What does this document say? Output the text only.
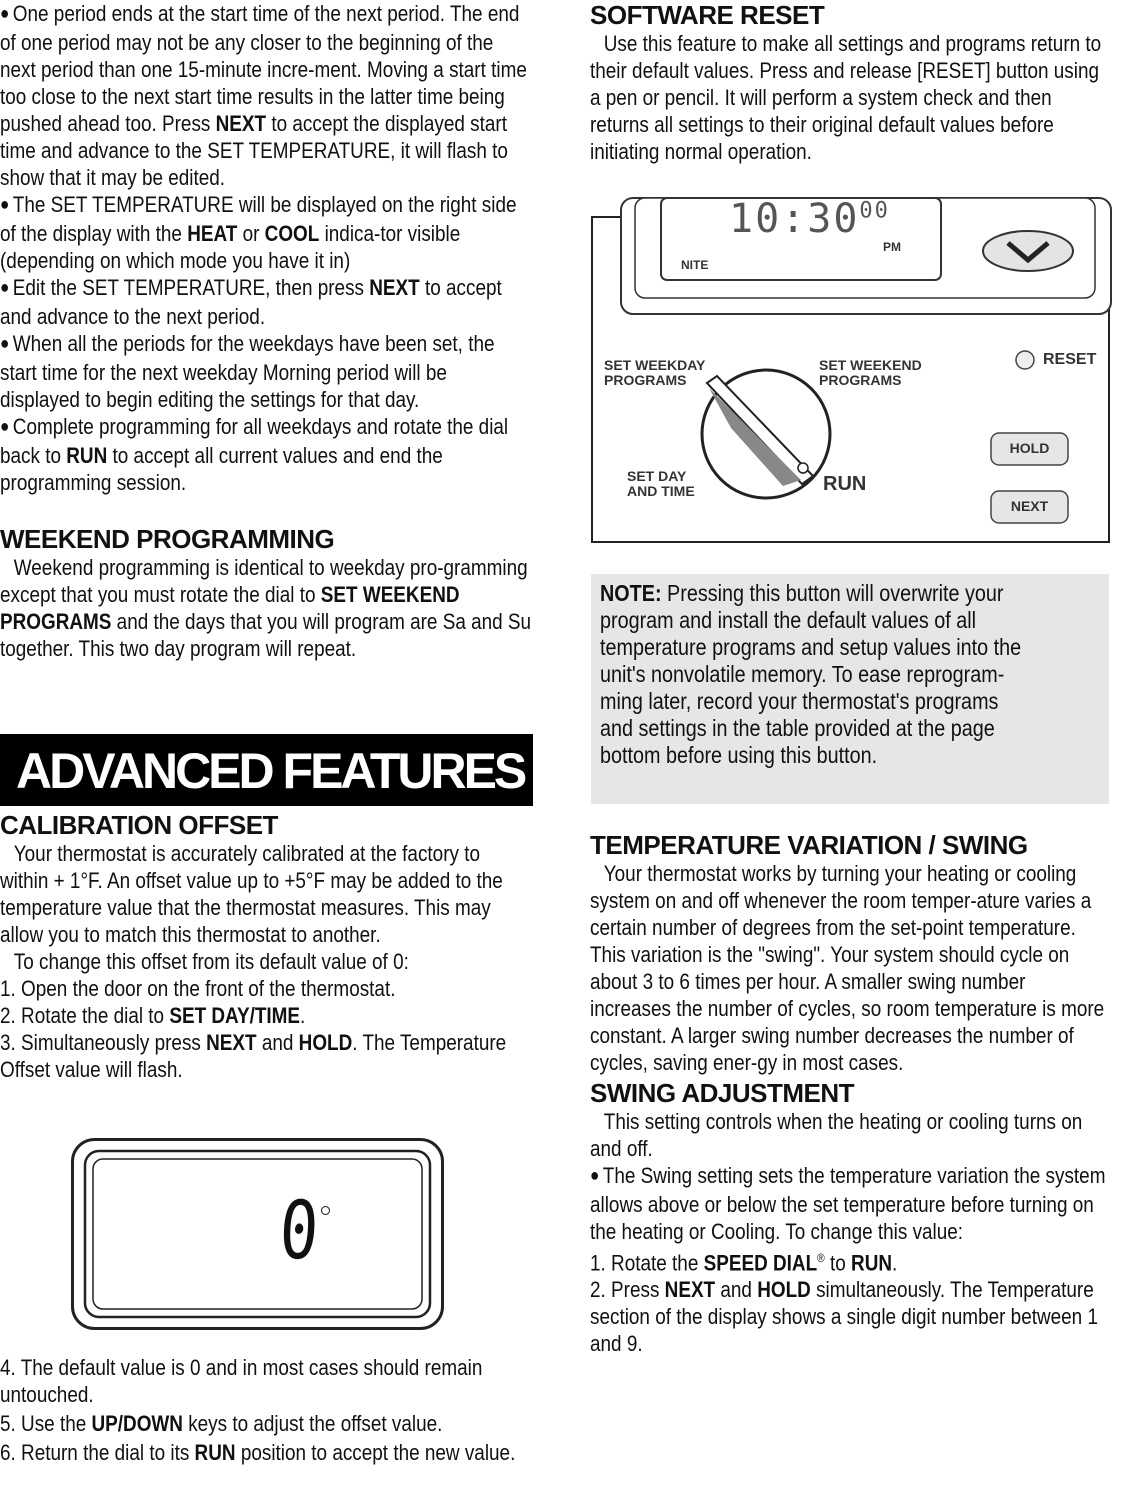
● One period ends at the start time of the next period. The end of one period may not be any closer to the beginning of the next period than one 15-minute incre-ment. Moving a start time too close to the next start time results in the latter time being pushed ahead too. Press NEXT to accept the displayed start time and advance to the SET TEMPERATURE, it will flash to show that it may be edited.

● The SET TEMPERATURE will be displayed on the right side of the display with the HEAT or COOL indica-tor visible (depending on which mode you have it in)

● Edit the SET TEMPERATURE, then press NEXT to accept and advance to the next period.

● When all the periods for the weekdays have been set, the start time for the next weekday Morning period will be displayed to begin editing the settings for that day.

● Complete programming for all weekdays and rotate the dial back to RUN to accept all current values and end the programming session.

WEEKEND PROGRAMMING

Weekend programming is identical to weekday pro-gramming except that you must rotate the dial to SET WEEKEND PROGRAMS and the days that you will program are Sa and Su together. This two day program will repeat.

ADVANCED FEATURES
CALIBRATION OFFSET

Your thermostat is accurately calibrated at the factory to within + 1°F. An offset value up to +5°F may be added to the temperature value that the thermostat measures. This may allow you to match this thermostat to another.

To change this offset from its default value of 0:

1. Open the door on the front of the thermostat.

2. Rotate the dial to SET DAY/TIME.

3. Simultaneously press NEXT and HOLD. The Temperature Offset value will flash.

0

4. The default value is 0 and in most cases should remain untouched.

5. Use the UP/DOWN keys to adjust the offset value.

6. Return the dial to its RUN position to accept the new value.

SOFTWARE RESET

Use this feature to make all settings and programs return to their default values. Press and release [RESET] button using a pen or pencil. It will perform a system check and then returns all settings to their original default values before initiating normal operation.

$10:30^{00}$
PM
NITE
SET WEEKDAY
PROGRAMS
SET WEEKEND
PROGRAMS
SET DAY
AND TIME	RUN
RESET
HOLD
NEXT

NOTE: Pressing this button will overwrite your program and install the default values of all temperature programs and setup values into the unit's nonvolatile memory. To ease reprogram-ming later, record your thermostat's programs and settings in the table provided at the page bottom before using this button.

TEMPERATURE VARIATION / SWING

Your thermostat works by turning your heating or cooling system on and off whenever the room temper-ature varies a certain number of degrees from the set-point temperature. This variation is the "swing". Your system should cycle on about 3 to 6 times per hour. A smaller swing number increases the number of cycles, so room temperature is more constant. A larger swing number decreases the number of cycles, saving ener-gy in most cases.

SWING ADJUSTMENT

This setting controls when the heating or cooling turns on and off.

● The Swing setting sets the temperature variation the system allows above or below the set temperature before turning on the heating or Cooling. To change this value:

1. Rotate the SPEED DIAL® to RUN.

2. Press NEXT and HOLD simultaneously. The Temperature section of the display shows a single digit number between 1 and 9.
